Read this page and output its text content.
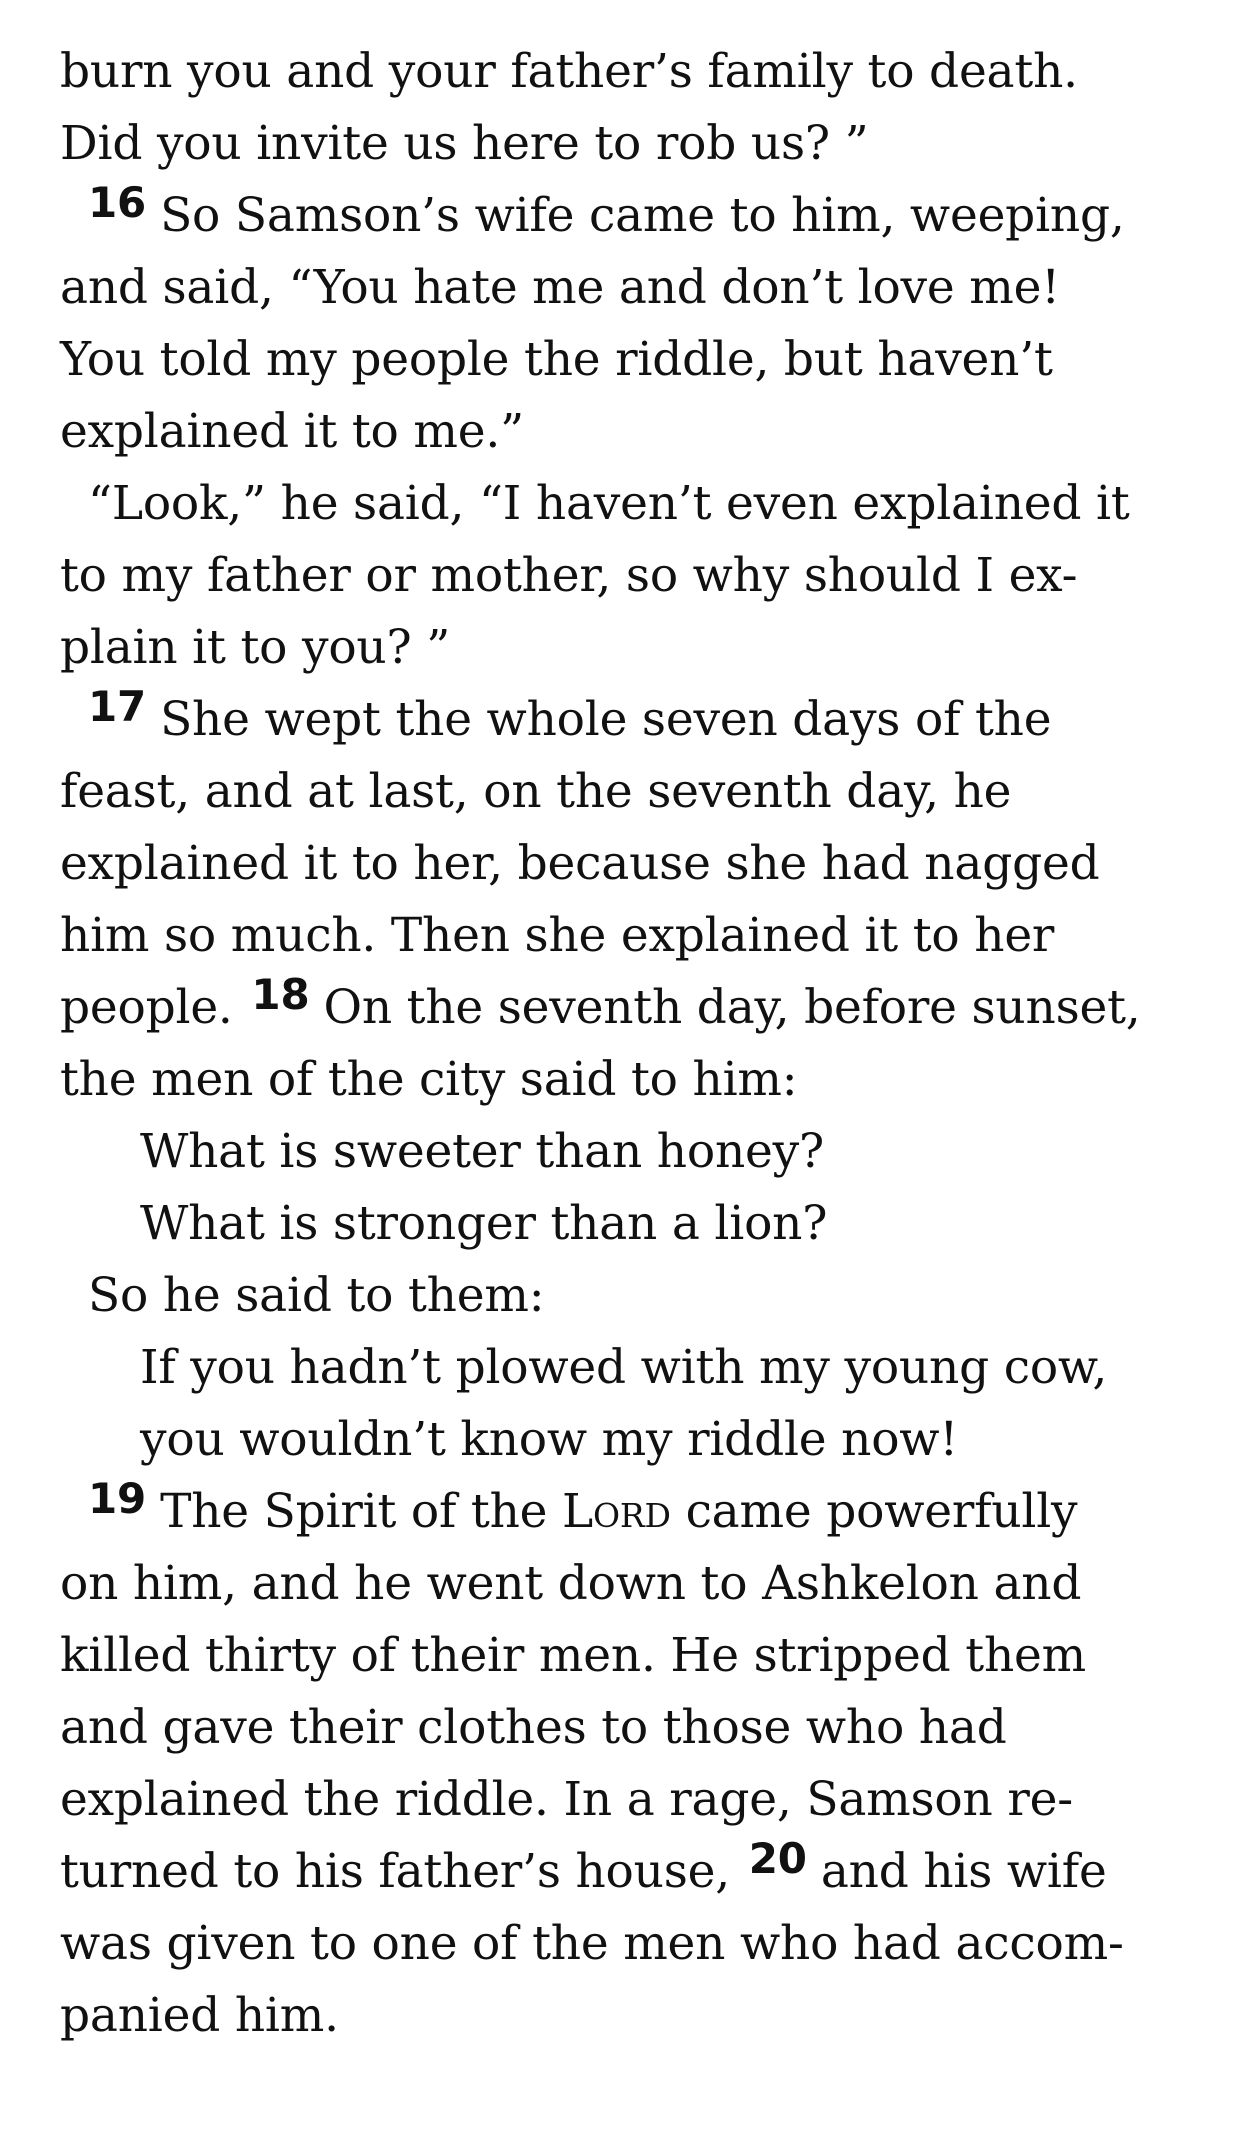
burn you and your father’s family to death.
Did you invite us here to rob us? ”
16 So Samson’s wife came to him, weeping,
and said, “You hate me and don’t love me!
You told my people the riddle, but haven’t
explained it to me.”
“Look,” he said, “I haven’t even explained it
to my father or mother, so why should I ex-
plain it to you? ”
17 She wept the whole seven days of the
feast, and at last, on the seventh day, he
explained it to her, because she had nagged
him so much. Then she explained it to her
people. 18 On the seventh day, before sunset,
the men of the city said to him:
What is sweeter than honey?
What is stronger than a lion?
So he said to them:
If you hadn’t plowed with my young cow,
you wouldn’t know my riddle now!
19 The Spirit of the Lord came powerfully
on him, and he went down to Ashkelon and
killed thirty of their men. He stripped them
and gave their clothes to those who had
explained the riddle. In a rage, Samson re-
turned to his father’s house, 20 and his wife
was given to one of the men who had accom-
panied him.
